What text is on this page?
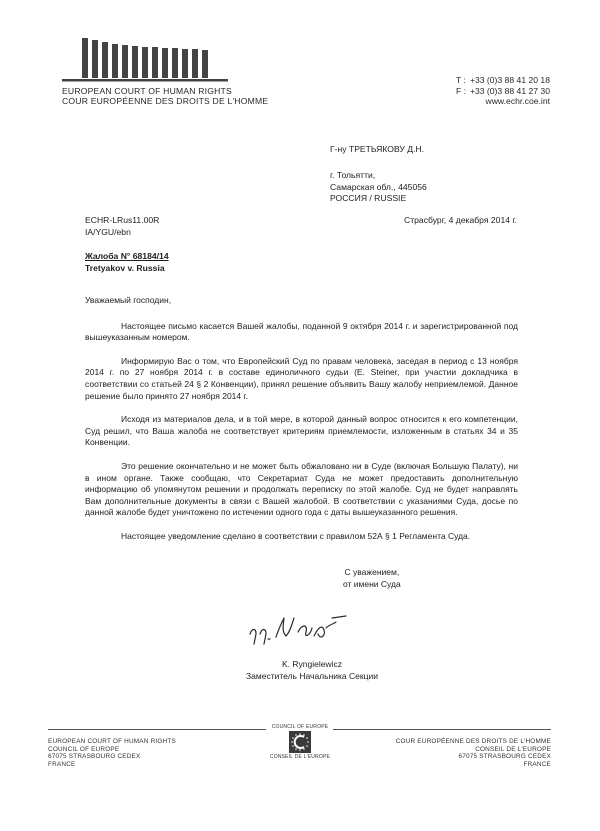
EUROPEAN COURT OF HUMAN RIGHTS
COUR EUROPÉENNE DES DROITS DE L'HOMME
T : +33 (0)3 88 41 20 18
F : +33 (0)3 88 41 27 30
www.echr.coe.int
Г-ну ТРЕТЬЯКОВУ Д.Н.
г. Тольятти,
Самарская обл., 445056
РОССИЯ / RUSSIE
ECHR-LRus11.00R
IA/YGU/ebn
Страсбург, 4 декабря 2014 г.
Жалоба N° 68184/14
Tretyakov v. Russia

Уважаемый господин,

Настоящее письмо касается Вашей жалобы, поданной 9 октября 2014 г. и зарегистрированной под вышеуказанным номером.

Информирую Вас о том, что Европейский Суд по правам человека, заседая в период с 13 ноября 2014 г. по 27 ноября 2014 г. в составе единоличного судьи (E. Steiner, при участии докладчика в соответствии со статьей 24 § 2 Конвенции), принял решение объявить Вашу жалобу неприемлемой. Данное решение было принято 27 ноября 2014 г.

Исходя из материалов дела, и в той мере, в которой данный вопрос относится к его компетенции, Суд решил, что Ваша жалоба не соответствует критериям приемлемости, изложенным в статьях 34 и 35 Конвенции.

Это решение окончательно и не может быть обжаловано ни в Суде (включая Большую Палату), ни в ином органе. Также сообщаю, что Секретариат Суда не может предоставить дополнительную информацию об упомянутом решении и продолжать переписку по этой жалобе. Суд не будет направлять Вам дополнительные документы в связи с Вашей жалобой. В соответствии с указаниями Суда, досье по данной жалобе будет уничтожено по истечении одного года с даты вышеуказанного решения.

Настоящее уведомление сделано в соответствии с правилом 52А § 1 Регламента Суда.

С уважением,
от имени Суда
K. Ryngielewicz
Заместитель Начальника Секции
EUROPEAN COURT OF HUMAN RIGHTS
COUNCIL OF EUROPE
67075 STRASBOURG CEDEX
FRANCE
COUNCIL OF EUROPE
CONSEIL DE L'EUROPE
COUR EUROPÉENNE DES DROITS DE L'HOMME
CONSEIL DE L'EUROPE
67075 STRASBOURG CEDEX
FRANCE
